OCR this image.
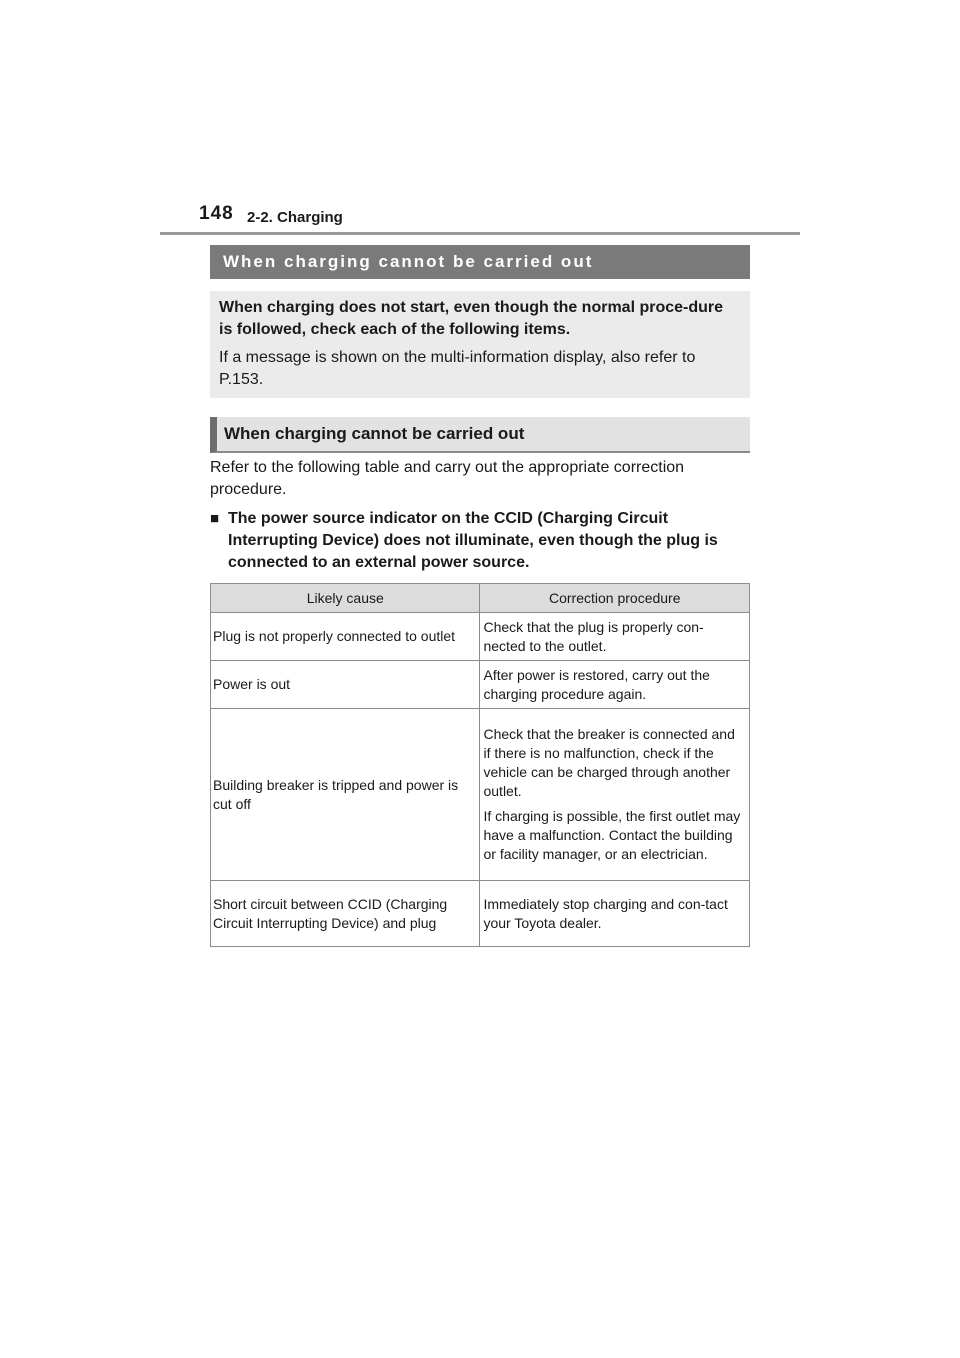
148 2-2. Charging
When charging cannot be carried out

When charging does not start, even though the normal proce-dure is followed, check each of the following items.

If a message is shown on the multi-information display, also refer to P.153.

When charging cannot be carried out

Refer to the following table and carry out the appropriate correction procedure.

■ The power source indicator on the CCID (Charging Circuit Interrupting Device) does not illuminate, even though the plug is connected to an external power source.
Likely cause	Correction procedure
Plug is not properly connected to outlet	Check that the plug is properly con-nected to the outlet.

Power is out	After power is restored, carry out the charging procedure again.

Building breaker is tripped and power is cut off	Check that the breaker is connected and if there is no malfunction, check if the vehicle can be charged through another outlet.

If charging is possible, the first outlet may have a malfunction. Contact the building or facility manager, or an electrician.

Short circuit between CCID (Charging Circuit Interrupting Device) and plug	Immediately stop charging and con-tact your Toyota dealer.
